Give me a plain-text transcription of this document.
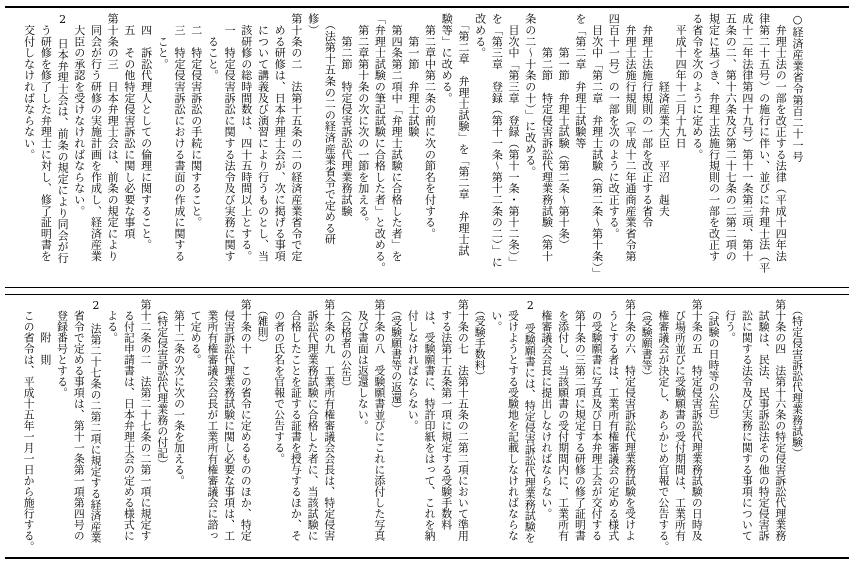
○経済産業省令第百二十一号
　弁理士法の一部を改正する法律（平成十四年法
律第二十五号）の施行に伴い、並びに弁理士法（平
成十二年法律第四十九号）第十一条第三項、第十
五条の二、第十六条及び第二十七条の二第二項の
規定に基づき、弁理士法施行規則の一部を改正す
る省令を次のように定める。
　平成十四年十二月十九日
　　　　　　経済産業大臣　平沼　赳夫
　弁理士法施行規則の一部を改正する省令
　弁理士法施行規則（平成十二年通商産業省令第
四百十一号）の一部を次のように改正する。
　目次中「第二章　弁理士試験（第二条～第十条）」
を「第二章　弁理士試験等
　　　第一節　弁理士試験（第二条～第十条）
　　　第二節　特定侵害訴訟代理業務試験（第十
条の二～十条の十）」に改める。
　目次中「第三章　登録（第十一条・第十二条）」
を「第三章　登録（第十一条～第十二条の二）」に
改める。
　「第二章　弁理士試験」を「第二章　弁理士試
験等」に改める。
　第二章中第二条の前に次の節名を付する。
　　第一節　弁理士試験
　第四条第二項中「弁理士試験に合格した者」を
「弁理士試験の筆記試験に合格した者」と改める。
　第二章第十条の次に次の一節を加える。
　　第二節　特定侵害訴訟代理業務試験
　（法第十五条の二の経済産業省令で定める研
修）
第十条の二　法第十五条の二の経済産業省令で定
　める研修は、日本弁理士会が、次に掲げる事項
　について講義及び演習により行うものとし、当
　該研修の総時間数は、四十五時間以上とする。
　一　特定侵害訴訟に関する法令及び実務に関す
　　ること。
　二　特定侵害訴訟の手続に関すること。
　三　特定侵害訴訟における書面の作成に関する
　　こと。
　四　訴訟代理人としての倫理に関すること。
　五　その他特定侵害訴訟に関し必要な事項
第十条の三　日本弁理士会は、前条の規定により
　同会が行う研修の実施計画を作成し、経済産業
　大臣の承認を受けなければならない。
2　日本弁理士会は、前条の規定により同会が行
　う研修を修了した弁理士に対し、修了証明書を
　交付しなければならない。
　（特定侵害訴訟代理業務試験）
第十条の四　法第十六条の特定侵害訴訟代理業務
　試験は、民法、民事訴訟法その他の特定侵害訴
　訟に関する法令及び実務に関する事項について
　行う。
　（試験の日時等の公告）
第十条の五　特定侵害訴訟代理業務試験の日時及
　び場所並びに受験願書の受付期間は、工業所有
　権審議会が決定し、あらかじめ官報で公告する。
　（受験願書等）
第十条の六　特定侵害訴訟代理業務試験を受けよ
　うとする者は、工業所有権審議会の定める様式
　の受験願書に写真及び日本弁理士会が交付する
　第十条の三第二項に規定する研修の修了証明書
　を添付し、当該願書の受付期間内に、工業所有
　権審議会会長に提出しなければならない。
2　受験願書には、特定侵害訴訟代理業務試験を
　受けようとする受験地を記載しなければならな
　い。
　（受験手数料）
第十条の七　法第十五条の二第二項において準用
　する法第十五条第一項に規定する受験手数料
　は、受験願書に、特許印紙をはって、これを納
　付しなければならない。
　（受験願書等の返還）
第十条の八　受験願書並びにこれに添付した写真
　及び書面は返還しない。
　（合格者の公告）
第十条の九　工業所有権審議会会長は、特定侵害
　訴訟代理業務試験に合格した者に、当該試験に
　合格したことを証する証書を授与するほか、そ
　の者の氏名を官報で公告する。
　（雑則）
第十条の十　この省令に定めるもののほか、特定
　侵害訴訟代理業務試験に関し必要な事項は、工
　業所有権審議会会長が工業所有権審議会に諮っ
　て定める。
　第十二条の次に次の一条を加える。
　（特定侵害訴訟代理業務の付記）
第十二条の二　法第二十七条の二第一項に規定す
　る付記申請書は、日本弁理士会の定める様式に
　よる。
2　法第二十七条の二第二項に規定する経済産業
　省令で定める事項は、第十一条第一項第四号の
　登録番号とする。
　　　附　則
　この省令は、平成十五年一月一日から施行する。
